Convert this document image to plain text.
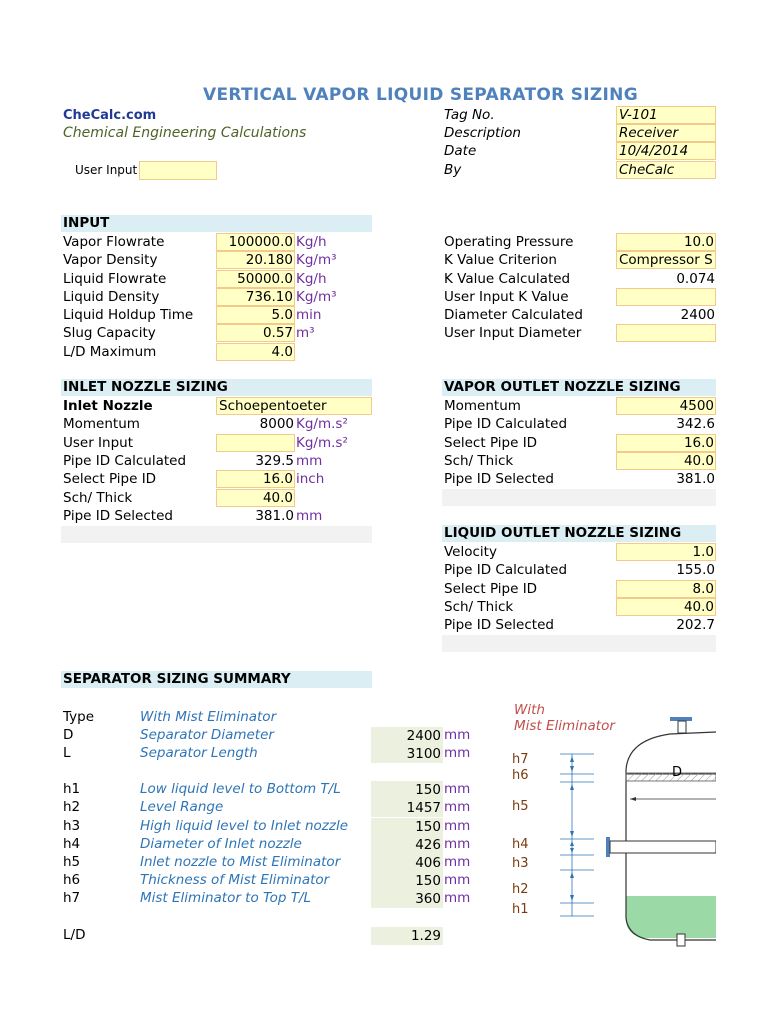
VERTICAL VAPOR LIQUID SEPARATOR SIZING
CheCalc.com
Chemical Engineering Calculations
User Input
Tag No.	V-101
Description	Receiver
Date	10/4/2014
By	CheCalc
INPUT
Vapor Flowrate	100000.0 Kg/h
Vapor Density	20.180 Kg/m³
Liquid Flowrate	50000.0 Kg/h
Liquid Density	736.10 Kg/m³
Liquid Holdup Time	5.0 min
Slug Capacity	0.57 m³
L/D Maximum	4.0
Operating Pressure	10.0
K Value Criterion	Compressor S
K Value Calculated	0.074
User Input K Value
Diameter Calculated	2400
User Input Diameter
INLET NOZZLE SIZING
Inlet Nozzle	Schoepentoeter
Momentum	8000 Kg/m.s²
User Input	Kg/m.s²
Pipe ID Calculated	329.5 mm
Select Pipe ID	16.0 inch
Sch/ Thick	40.0
Pipe ID Selected	381.0 mm
VAPOR OUTLET NOZZLE SIZING
Momentum	4500
Pipe ID Calculated	342.6
Select Pipe ID	16.0
Sch/ Thick	40.0
Pipe ID Selected	381.0
LIQUID OUTLET NOZZLE SIZING
Velocity	1.0
Pipe ID Calculated	155.0
Select Pipe ID	8.0
Sch/ Thick	40.0
Pipe ID Selected	202.7
SEPARATOR SIZING SUMMARY
Type	With Mist Eliminator
D	Separator Diameter	2400 mm
L	Separator Length	3100 mm
h1	Low liquid level to Bottom T/L	150 mm
h2	Level Range	1457 mm
h3	High liquid level to Inlet nozzle	150 mm
h4	Diameter of Inlet nozzle	426 mm
h5	Inlet nozzle to Mist Eliminator	406 mm
h6	Thickness of Mist Eliminator	150 mm
h7	Mist Eliminator to Top T/L	360 mm
L/D	1.29
With
Mist Eliminator
D
h7
h6
h5
h4
h3
h2
h1
